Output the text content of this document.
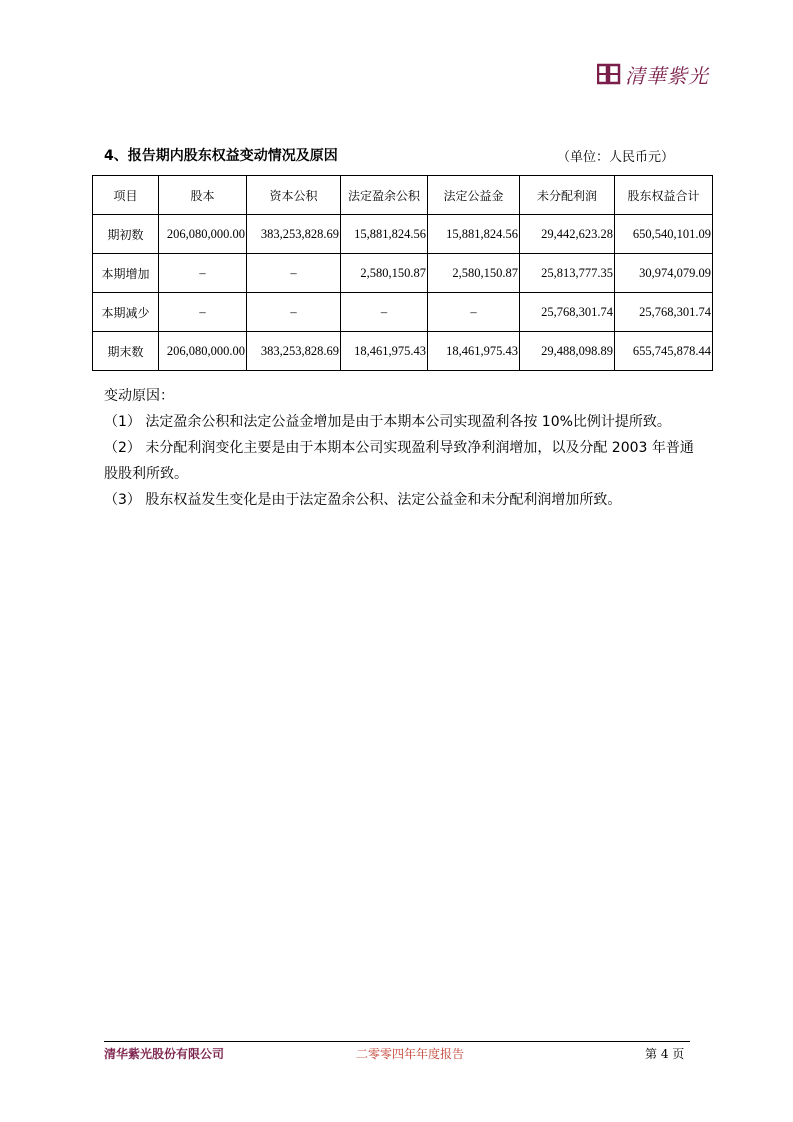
清華紫光
4、报告期内股东权益变动情况及原因	（单位：人民币元）
项目	股本	资本公积	法定盈余公积	法定公益金	未分配利润	股东权益合计
期初数	206,080,000.00	383,253,828.69	15,881,824.56	15,881,824.56	29,442,623.28	650,540,101.09
本期增加	–	–	2,580,150.87	2,580,150.87	25,813,777.35	30,974,079.09
本期减少	–	–	–	–	25,768,301.74	25,768,301.74
期末数	206,080,000.00	383,253,828.69	18,461,975.43	18,461,975.43	29,488,098.89	655,745,878.44

变动原因：

（1） 法定盈余公积和法定公益金增加是由于本期本公司实现盈利各按 10%比例计提所致。

（2） 未分配利润变化主要是由于本期本公司实现盈利导致净利润增加，以及分配 2003 年普通股股利所致。

（3） 股东权益发生变化是由于法定盈余公积、法定公益金和未分配利润增加所致。

清华紫光股份有限公司	二零零四年年度报告	第 4 页
